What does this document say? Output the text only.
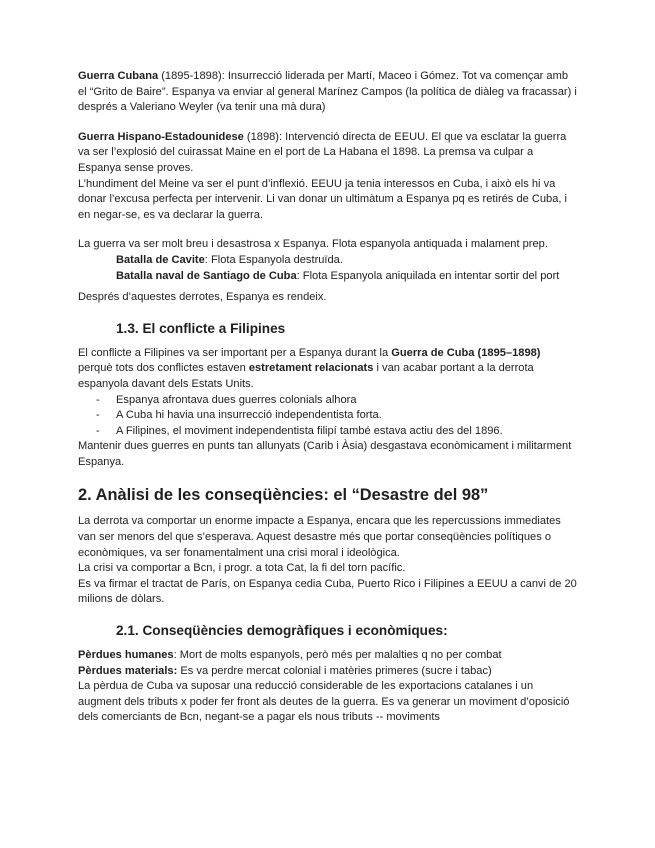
Guerra Cubana (1895-1898): Insurrecció liderada per Martí, Maceo i Gómez. Tot va començar amb el “Grito de Baire”. Espanya va enviar al general Marínez Campos (la política de diàleg va fracassar) i després a Valeriano Weyler (va tenir una mà dura)

Guerra Hispano-Estadounidese (1898): Intervenció directa de EEUU. El que va esclatar la guerra va ser l’explosió del cuirassat Maine en el port de La Habana el 1898. La premsa va culpar a Espanya sense proves.

L’hundiment del Meine va ser el punt d’inflexió. EEUU ja tenia interessos en Cuba, i això els hi va donar l’excusa perfecta per intervenir. Li van donar un ultimàtum a Espanya pq es retirés de Cuba, i en negar-se, es va declarar la guerra.

La guerra va ser molt breu i desastrosa x Espanya. Flota espanyola antiquada i malament prep.

Batalla de Cavite: Flota Espanyola destruïda.

Batalla naval de Santiago de Cuba: Flota Espanyola aniquilada en intentar sortir del port

Després d’aquestes derrotes, Espanya es rendeix.

1.3. El conflicte a Filipines

El conflicte a Filipines va ser important per a Espanya durant la Guerra de Cuba (1895–1898) perquè tots dos conflictes estaven estretament relacionats i van acabar portant a la derrota espanyola davant dels Estats Units.

- Espanya afrontava dues guerres colonials alhora
- A Cuba hi havia una insurrecció independentista forta.
- A Filipines, el moviment independentista filipí també estava actiu des del 1896.

Mantenir dues guerres en punts tan allunyats (Carib i Àsia) desgastava econòmicament i militarment Espanya.

2. Anàlisi de les conseqüències: el “Desastre del 98”

La derrota va comportar un enorme impacte a Espanya, encara que les repercussions immediates van ser menors del que s’esperava. Aquest desastre més que portar conseqüències polítiques o econòmiques, va ser fonamentalment una crisi moral i ideològica.

La crisi va comportar a Bcn, i progr. a tota Cat, la fi del torn pacífic.

Es va firmar el tractat de París, on Espanya cedia Cuba, Puerto Rico i Filipines a EEUU a canvi de 20 milions de dòlars.

2.1. Conseqüències demogràfiques i econòmiques:

Pèrdues humanes: Mort de molts espanyols, però més per malalties q no per combat

Pèrdues materials: Es va perdre mercat colonial i matèries primeres (sucre i tabac)

La pèrdua de Cuba va suposar una reducció considerable de les exportacions catalanes i un augment dels tributs x poder fer front als deutes de la guerra. Es va generar un moviment d’oposició dels comerciants de Bcn, negant-se a pagar els nous tributs -- moviments
